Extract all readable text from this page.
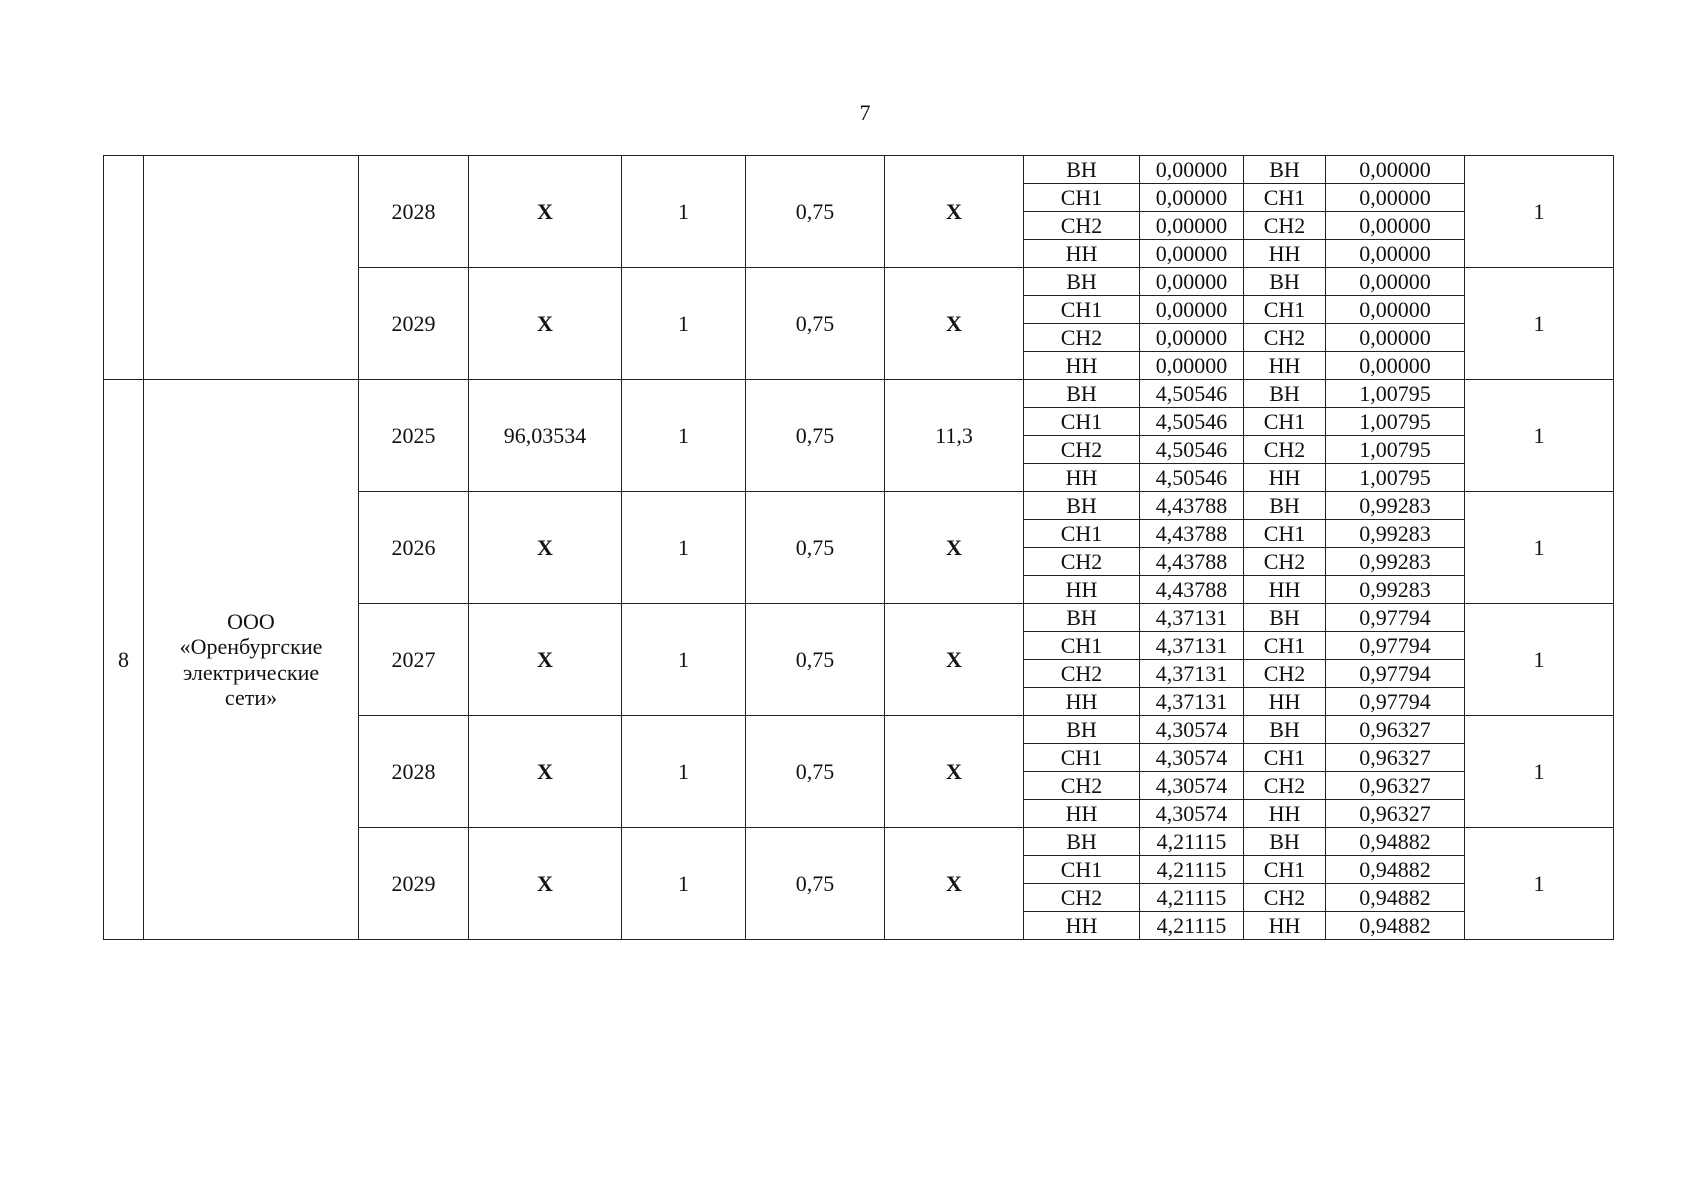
7
		2028	X	1	0,75	X	ВН	0,00000	ВН	0,00000	1
							СН1	0,00000	СН1	0,00000	
							СН2	0,00000	СН2	0,00000	
							НН	0,00000	НН	0,00000	
		2029	X	1	0,75	X	ВН	0,00000	ВН	0,00000	1
							СН1	0,00000	СН1	0,00000	
							СН2	0,00000	СН2	0,00000	
							НН	0,00000	НН	0,00000	
8	ООО
«Оренбургские
электрические
сети»	2025	96,03534	1	0,75	11,3	ВН	4,50546	ВН	1,00795	1
							СН1	4,50546	СН1	1,00795	
							СН2	4,50546	СН2	1,00795	
							НН	4,50546	НН	1,00795	
		2026	X	1	0,75	X	ВН	4,43788	ВН	0,99283	1
							СН1	4,43788	СН1	0,99283	
							СН2	4,43788	СН2	0,99283	
							НН	4,43788	НН	0,99283	
		2027	X	1	0,75	X	ВН	4,37131	ВН	0,97794	1
							СН1	4,37131	СН1	0,97794	
							СН2	4,37131	СН2	0,97794	
							НН	4,37131	НН	0,97794	
		2028	X	1	0,75	X	ВН	4,30574	ВН	0,96327	1
							СН1	4,30574	СН1	0,96327	
							СН2	4,30574	СН2	0,96327	
							НН	4,30574	НН	0,96327	
		2029	X	1	0,75	X	ВН	4,21115	ВН	0,94882	1
							СН1	4,21115	СН1	0,94882	
							СН2	4,21115	СН2	0,94882	
							НН	4,21115	НН	0,94882	
